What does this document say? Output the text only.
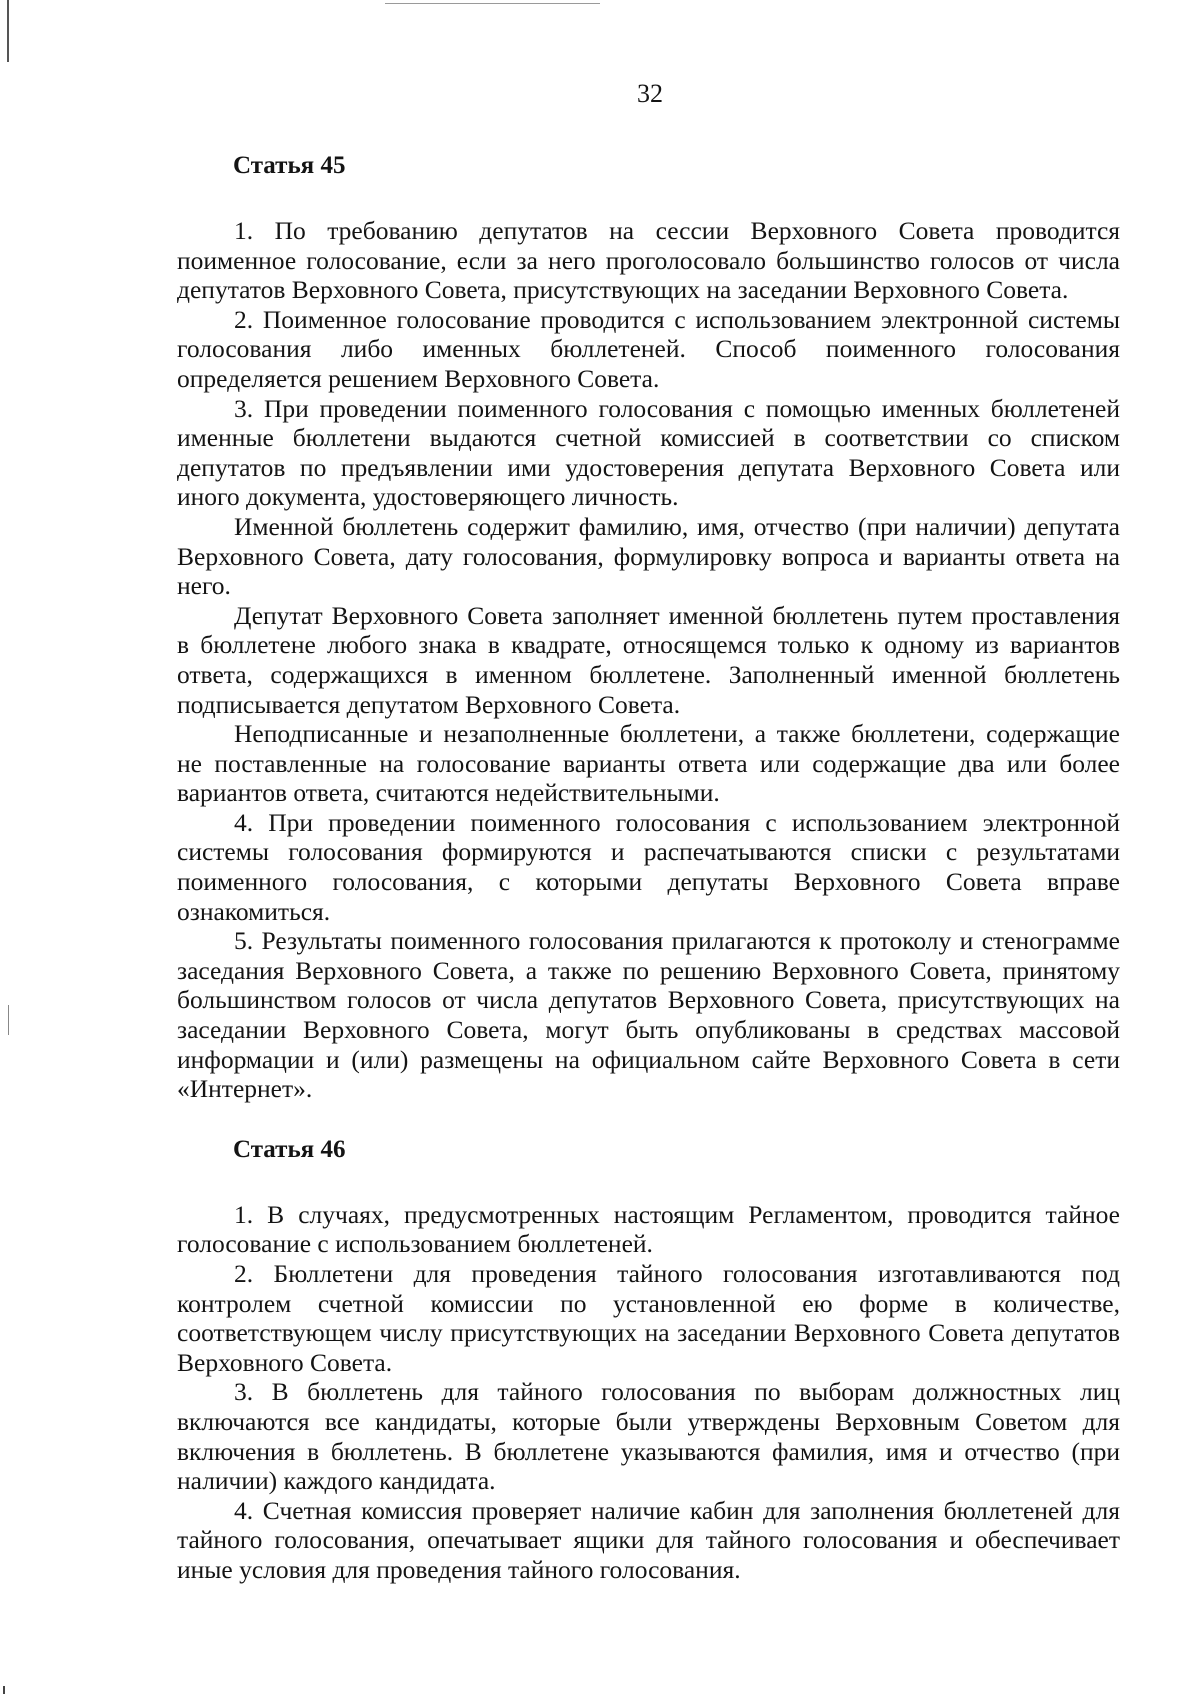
32
Статья 45

1. По требованию депутатов на сессии Верховного Совета проводится поименное голосование, если за него проголосовало большинство голосов от числа депутатов Верховного Совета, присутствующих на заседании Верховного Совета.

2. Поименное голосование проводится с использованием электронной системы голосования либо именных бюллетеней. Способ поименного голосования определяется решением Верховного Совета.

3. При проведении поименного голосования с помощью именных бюллетеней именные бюллетени выдаются счетной комиссией в соответствии со списком депутатов по предъявлении ими удостоверения депутата Верховного Совета или иного документа, удостоверяющего личность.

Именной бюллетень содержит фамилию, имя, отчество (при наличии) депутата Верховного Совета, дату голосования, формулировку вопроса и варианты ответа на него.

Депутат Верховного Совета заполняет именной бюллетень путем проставления в бюллетене любого знака в квадрате, относящемся только к одному из вариантов ответа, содержащихся в именном бюллетене. Заполненный именной бюллетень подписывается депутатом Верховного Совета.

Неподписанные и незаполненные бюллетени, а также бюллетени, содержащие не поставленные на голосование варианты ответа или содержащие два или более вариантов ответа, считаются недействительными.

4. При проведении поименного голосования с использованием электронной системы голосования формируются и распечатываются списки с результатами поименного голосования, с которыми депутаты Верховного Совета вправе ознакомиться.

5. Результаты поименного голосования прилагаются к протоколу и стенограмме заседания Верховного Совета, а также по решению Верховного Совета, принятому большинством голосов от числа депутатов Верховного Совета, присутствующих на заседании Верховного Совета, могут быть опубликованы в средствах массовой информации и (или) размещены на официальном сайте Верховного Совета в сети «Интернет».

Статья 46

1. В случаях, предусмотренных настоящим Регламентом, проводится тайное голосование с использованием бюллетеней.

2. Бюллетени для проведения тайного голосования изготавливаются под контролем счетной комиссии по установленной ею форме в количестве, соответствующем числу присутствующих на заседании Верховного Совета депутатов Верховного Совета.

3. В бюллетень для тайного голосования по выборам должностных лиц включаются все кандидаты, которые были утверждены Верховным Советом для включения в бюллетень. В бюллетене указываются фамилия, имя и отчество (при наличии) каждого кандидата.

4. Счетная комиссия проверяет наличие кабин для заполнения бюллетеней для тайного голосования, опечатывает ящики для тайного голосования и обеспечивает иные условия для проведения тайного голосования.
